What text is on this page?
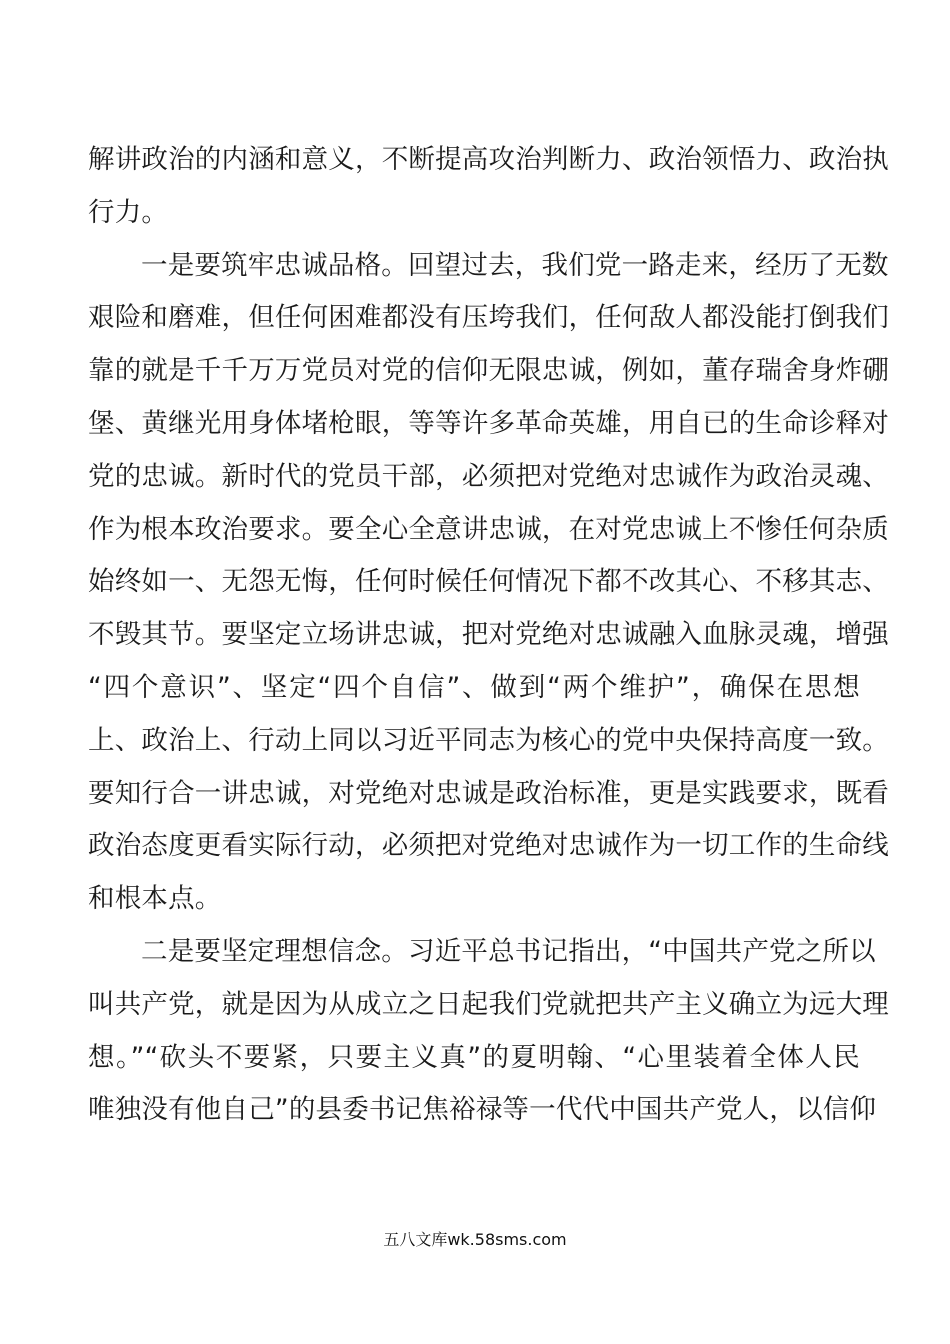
解讲政治的内涵和意义，不断提高攻治判断力、政治领悟力、政治执
行力。
一是要筑牢忠诚品格。回望过去，我们党一路走来，经历了无数
艰险和磨难，但任何困难都没有压垮我们，任何敌人都没能打倒我们
靠的就是千千万万党员对党的信仰无限忠诚，例如，董存瑞舍身炸硼
堡、黄继光用身体堵枪眼，等等许多革命英雄，用自已的生命诊释对
党的忠诚。新时代的党员干部，必须把对党绝对忠诚作为政治灵魂、
作为根本玫治要求。要全心全意讲忠诚，在对党忠诚上不惨任何杂质
始终如一、无怨无悔，任何时候任何情况下都不改其心、不移其志、
不毁其节。要坚定立场讲忠诚，把对党绝对忠诚融入血脉灵魂，增强
“四个意识”、坚定“四个自信”、做到“两个维护”，确保在思想
上、政治上、行动上同以习近平同志为核心的党中央保持高度一致。
要知行合一讲忠诚，对党绝对忠诚是政治标准，更是实践要求，既看
政治态度更看实际行动，必须把对党绝对忠诚作为一切工作的生命线
和根本点。
二是要坚定理想信念。习近平总书记指出，“中国共产党之所以
叫共产党，就是因为从成立之日起我们党就把共产主义确立为远大理
想。”“砍头不要紧，只要主义真”的夏明翰、“心里装着全体人民
唯独没有他自己”的县委书记焦裕禄等一代代中国共产党人，以信仰
五八文库wk.58sms.com
